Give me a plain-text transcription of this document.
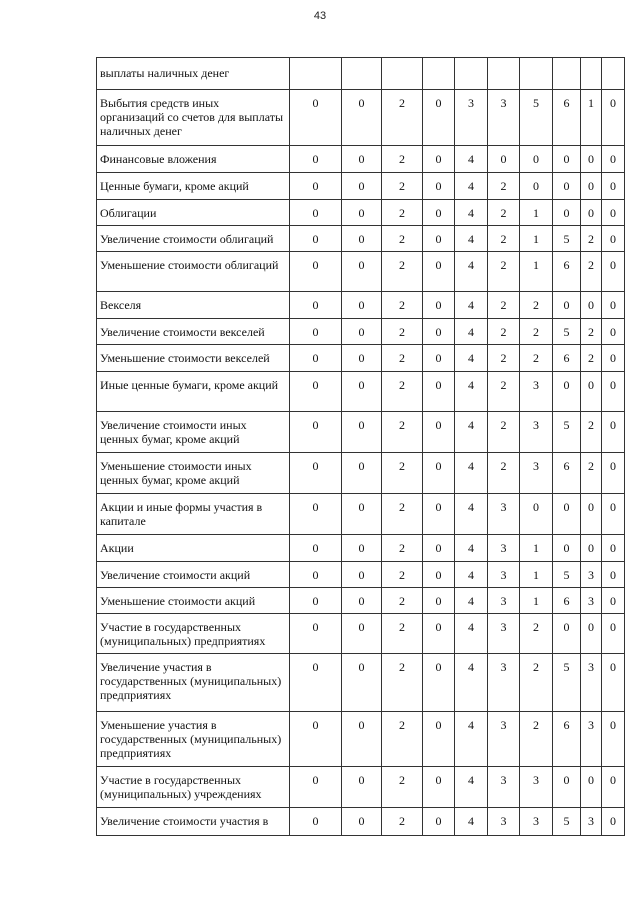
43
выплаты наличных денег										
Выбытия средств иных организаций со счетов для выплаты наличных денег	0	0	2	0	3	3	5	6	1	0
Финансовые вложения	0	0	2	0	4	0	0	0	0	0
Ценные бумаги, кроме акций	0	0	2	0	4	2	0	0	0	0
Облигации	0	0	2	0	4	2	1	0	0	0
Увеличение стоимости облигаций	0	0	2	0	4	2	1	5	2	0
Уменьшение стоимости облигаций	0	0	2	0	4	2	1	6	2	0
Векселя	0	0	2	0	4	2	2	0	0	0
Увеличение стоимости векселей	0	0	2	0	4	2	2	5	2	0
Уменьшение стоимости векселей	0	0	2	0	4	2	2	6	2	0
Иные ценные бумаги, кроме акций	0	0	2	0	4	2	3	0	0	0
Увеличение стоимости иных ценных бумаг, кроме акций	0	0	2	0	4	2	3	5	2	0
Уменьшение стоимости иных ценных бумаг, кроме акций	0	0	2	0	4	2	3	6	2	0
Акции и иные формы участия в капитале	0	0	2	0	4	3	0	0	0	0
Акции	0	0	2	0	4	3	1	0	0	0
Увеличение стоимости акций	0	0	2	0	4	3	1	5	3	0
Уменьшение стоимости акций	0	0	2	0	4	3	1	6	3	0
Участие в государственных (муниципальных) предприятиях	0	0	2	0	4	3	2	0	0	0
Увеличение участия в государственных (муниципальных) предприятиях	0	0	2	0	4	3	2	5	3	0
Уменьшение участия в государственных (муниципальных) предприятиях	0	0	2	0	4	3	2	6	3	0
Участие в государственных (муниципальных) учреждениях	0	0	2	0	4	3	3	0	0	0
Увеличение стоимости участия в	0	0	2	0	4	3	3	5	3	0
